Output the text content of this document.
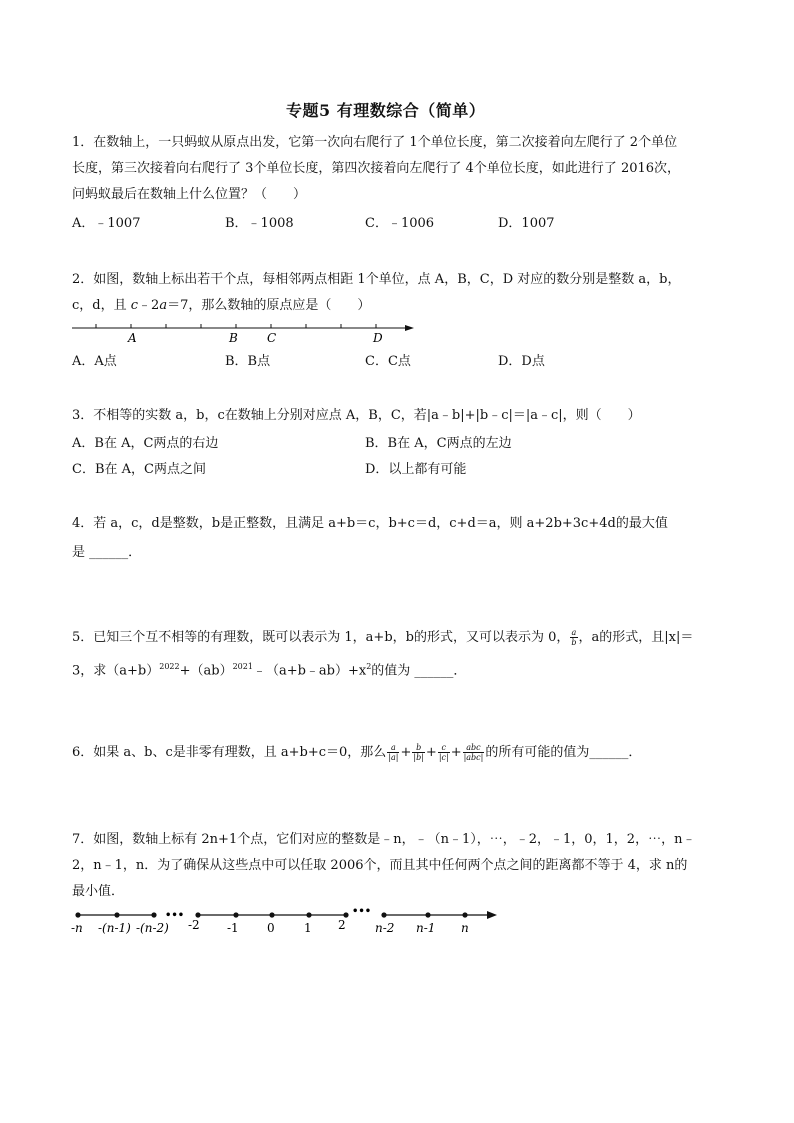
专题5 有理数综合（简单）
1．在数轴上，一只蚂蚁从原点出发，它第一次向右爬行了 1个单位长度，第二次接着向左爬行了 2个单位
长度，第三次接着向右爬行了 3个单位长度，第四次接着向左爬行了 4个单位长度，如此进行了 2016次，
问蚂蚁最后在数轴上什么位置？（　　）
A．﹣1007	B．﹣1008	C．﹣1006	D．1007
2．如图，数轴上标出若干个点，每相邻两点相距 1个单位，点 A，B，C，D 对应的数分别是整数 a，b，
c，d，且 c﹣2a＝7，那么数轴的原点应是（　　）
A	B C	D
A．A点	B．B点	C．C点	D．D点
3．不相等的实数 a，b，c在数轴上分别对应点 A，B，C，若|a﹣b|+|b﹣c|＝|a﹣c|，则（　　）
A．B在 A，C两点的右边	B．B在 A，C两点的左边
C．B在 A，C两点之间	D．以上都有可能
4．若 a，c，d是整数，b是正整数，且满足 a+b＝c，b+c＝d，c+d＝a，则 a+2b+3c+4d的最大值
是 ______．
5．已知三个互不相等的有理数，既可以表示为 1，a+b，b的形式，又可以表示为 0， $\frac{a}{b}$ ，a的形式，且|x|＝
3，求$(a+b)^{2022}+(ab)^{2021}﹣(a+b﹣ab)+x^2$的值为 ______．
6．如果 a、b、c是非零有理数，且 a+b+c＝0，那么 $\frac{a}{|a|} + \frac{b}{|b|} + \frac{c}{|c|} + \frac{\text{abc}}{\text{|abc|}}$ 的所有可能的值为______．
7．如图，数轴上标有 2n+1个点，它们对应的整数是﹣n，﹣（n﹣1），⋯，﹣2，﹣1，0，1，2，⋯，n﹣
2，n﹣1，n．为了确保从这些点中可以任取 2006个，而且其中任何两个点之间的距离都不等于 4，求 n的
最小值．
•••	•••
-n -(n-1) -(n-2) -2 -1 0 1 2 n-2 n-1 n
